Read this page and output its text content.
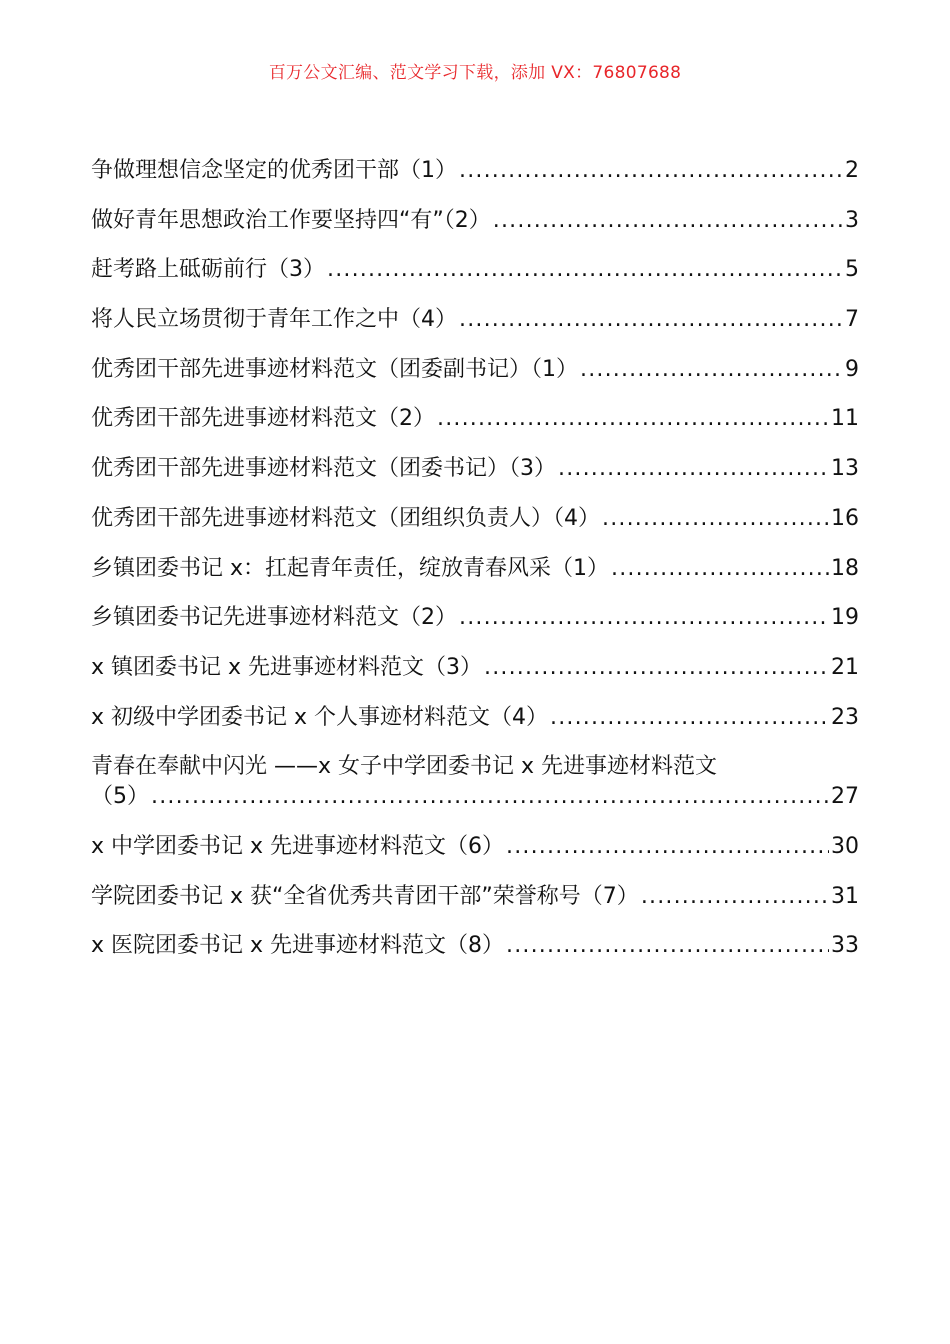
百万公文汇编、范文学习下载，添加 VX：76807688
争做理想信念坚定的优秀团干部（1） .....	2
做好青年思想政治工作要坚持四“有”（2） .....	3
赶考路上砥砺前行（3） .....	5
将人民立场贯彻于青年工作之中（4） .....	7
优秀团干部先进事迹材料范文（团委副书记）（1） .....	9
优秀团干部先进事迹材料范文（2） .....	11
优秀团干部先进事迹材料范文（团委书记）（3） .....	13
优秀团干部先进事迹材料范文（团组织负责人）（4） .....	16
乡镇团委书记 x：扛起青年责任，绽放青春风采（1） .....	18
乡镇团委书记先进事迹材料范文（2） .....	19
x 镇团委书记 x 先进事迹材料范文（3） .....	21
x 初级中学团委书记 x 个人事迹材料范文（4） .....	23
青春在奉献中闪光 ——x 女子中学团委书记 x 先进事迹材料范文
（5） .....	27
x 中学团委书记 x 先进事迹材料范文（6） .....	30
学院团委书记 x 获“全省优秀共青团干部”荣誉称号（7） .....	31
x 医院团委书记 x 先进事迹材料范文（8） .....	33
